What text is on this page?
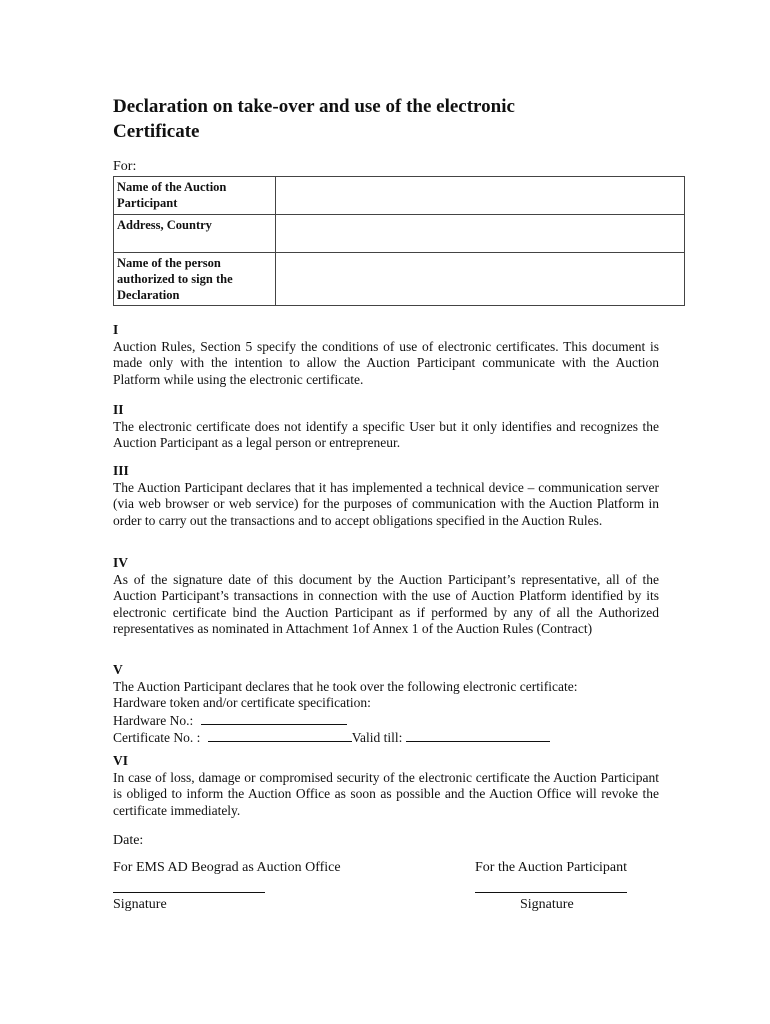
Declaration on take-over and use of the electronic Certificate
For:
Name of the Auction Participant	
Address, Country	
Name of the person authorized to sign the Declaration	
I

Auction Rules, Section 5 specify the conditions of use of electronic certificates. This document is made only with the intention to allow the Auction Participant communicate with the Auction Platform while using the electronic certificate.

II

The electronic certificate does not identify a specific User but it only identifies and recognizes the Auction Participant as a legal person or entrepreneur.

III

The Auction Participant declares that it has implemented a technical device – communication server (via web browser or web service) for the purposes of communication with the Auction Platform in order to carry out the transactions and to accept obligations specified in the Auction Rules.

IV

As of the signature date of this document by the Auction Participant’s representative, all of the Auction Participant’s transactions in connection with the use of Auction Platform identified by its electronic certificate bind the Auction Participant as if performed by any of all the Authorized representatives as nominated in Attachment 1of Annex 1 of the Auction Rules (Contract)

V

The Auction Participant declares that he took over the following electronic certificate:

Hardware token and/or certificate specification:

Hardware No.:

Certificate No. :	Valid till:

VI

In case of loss, damage or compromised security of the electronic certificate the Auction Participant is obliged to inform the Auction Office as soon as possible and the Auction Office will revoke the certificate immediately.

Date:
For EMS AD Beograd as Auction Office
Signature
For the Auction Participant
Signature
